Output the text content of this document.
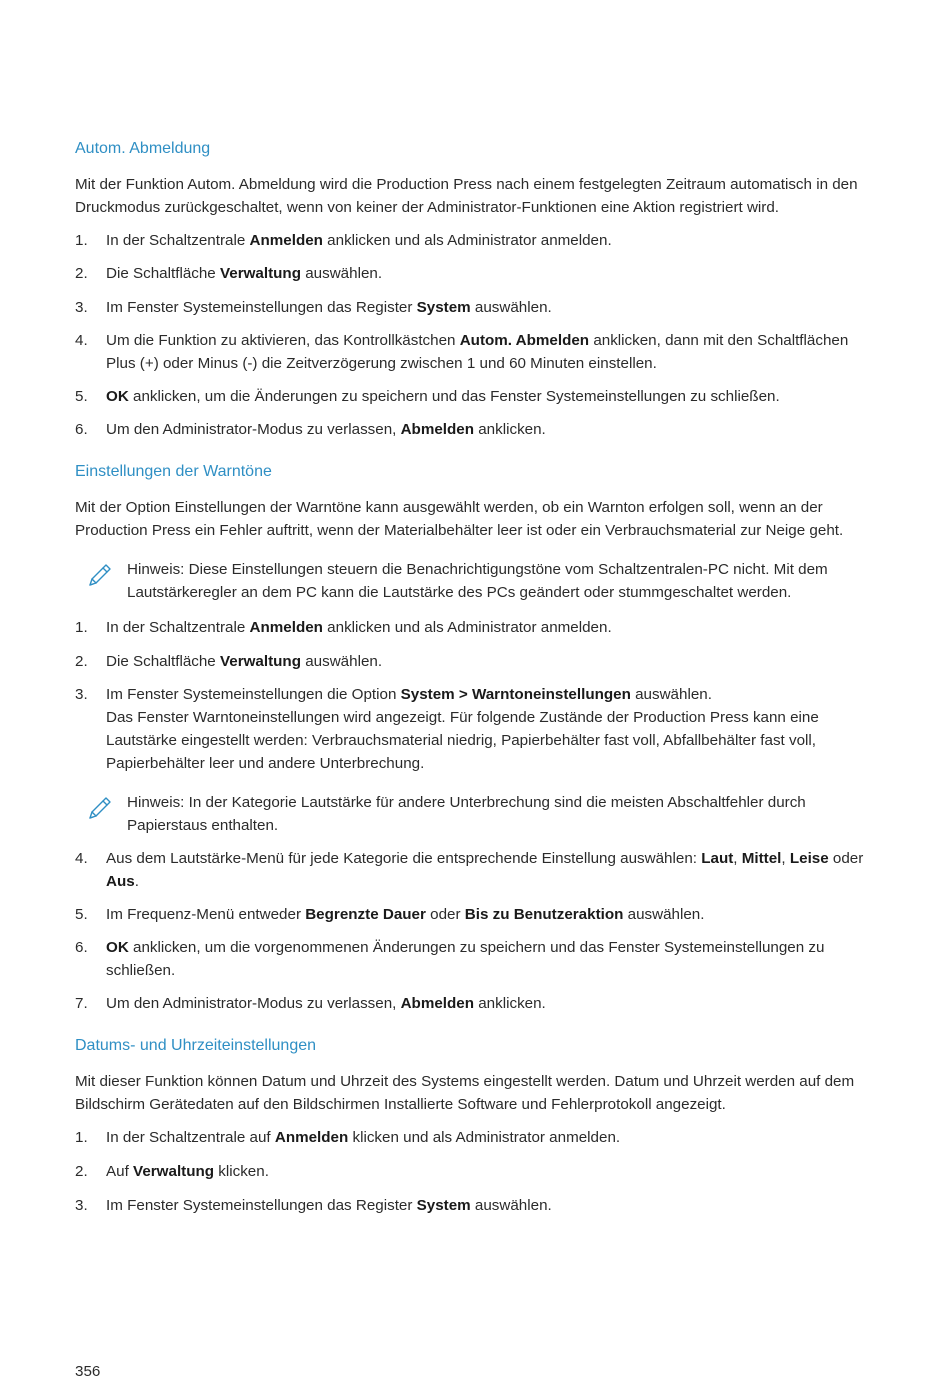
Autom. Abmeldung

Mit der Funktion Autom. Abmeldung wird die Production Press nach einem festgelegten Zeitraum automatisch in den Druckmodus zurückgeschaltet, wenn von keiner der Administrator-Funktionen eine Aktion registriert wird.

1. In der Schaltzentrale Anmelden anklicken und als Administrator anmelden.
2. Die Schaltfläche Verwaltung auswählen.
3. Im Fenster Systemeinstellungen das Register System auswählen.
4. Um die Funktion zu aktivieren, das Kontrollkästchen Autom. Abmelden anklicken, dann mit den Schaltflächen Plus (+) oder Minus (-) die Zeitverzögerung zwischen 1 und 60 Minuten einstellen.
5. OK anklicken, um die Änderungen zu speichern und das Fenster Systemeinstellungen zu schließen.
6. Um den Administrator-Modus zu verlassen, Abmelden anklicken.
Einstellungen der Warntöne

Mit der Option Einstellungen der Warntöne kann ausgewählt werden, ob ein Warnton erfolgen soll, wenn an der Production Press ein Fehler auftritt, wenn der Materialbehälter leer ist oder ein Verbrauchsmaterial zur Neige geht.

Hinweis: Diese Einstellungen steuern die Benachrichtigungstöne vom Schaltzentralen-PC nicht. Mit dem Lautstärkeregler an dem PC kann die Lautstärke des PCs geändert oder stummgeschaltet werden.
1. In der Schaltzentrale Anmelden anklicken und als Administrator anmelden.
2. Die Schaltfläche Verwaltung auswählen.
3. Im Fenster Systemeinstellungen die Option System > Warntoneinstellungen auswählen.
Das Fenster Warntoneinstellungen wird angezeigt. Für folgende Zustände der Production Press kann eine Lautstärke eingestellt werden: Verbrauchsmaterial niedrig, Papierbehälter fast voll, Abfallbehälter fast voll, Papierbehälter leer und andere Unterbrechung.
Hinweis: In der Kategorie Lautstärke für andere Unterbrechung sind die meisten Abschaltfehler durch Papierstaus enthalten.
4. Aus dem Lautstärke-Menü für jede Kategorie die entsprechende Einstellung auswählen: Laut, Mittel, Leise oder Aus.
5. Im Frequenz-Menü entweder Begrenzte Dauer oder Bis zu Benutzeraktion auswählen.
6. OK anklicken, um die vorgenommenen Änderungen zu speichern und das Fenster Systemeinstellungen zu schließen.
7. Um den Administrator-Modus zu verlassen, Abmelden anklicken.
Datums- und Uhrzeiteinstellungen

Mit dieser Funktion können Datum und Uhrzeit des Systems eingestellt werden. Datum und Uhrzeit werden auf dem Bildschirm Gerätedaten auf den Bildschirmen Installierte Software und Fehlerprotokoll angezeigt.

1. In der Schaltzentrale auf Anmelden klicken und als Administrator anmelden.
2. Auf Verwaltung klicken.
3. Im Fenster Systemeinstellungen das Register System auswählen.
356
